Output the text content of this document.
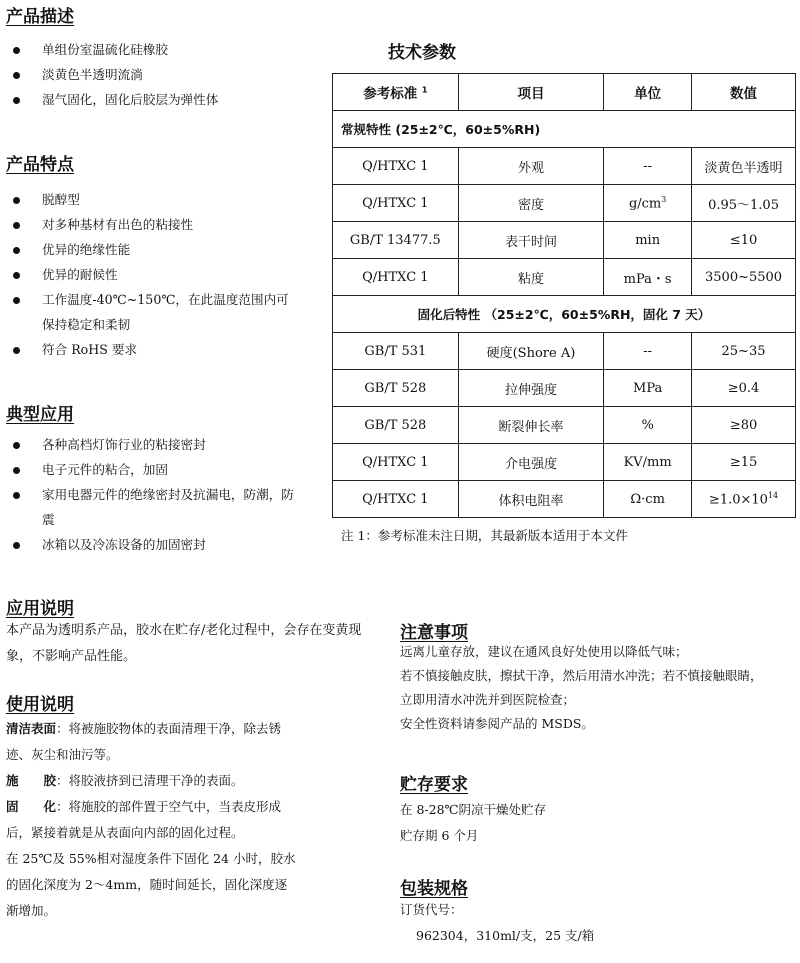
产品描述
单组份室温硫化硅橡胶
淡黄色半透明流淌
湿气固化，固化后胶层为弹性体
产品特点
脱醇型
对多种基材有出色的粘接性
优异的绝缘性能
优异的耐候性
工作温度-40℃~150℃，在此温度范围内可保持稳定和柔韧
符合 RoHS 要求
典型应用
各种高档灯饰行业的粘接密封
电子元件的粘合，加固
家用电器元件的绝缘密封及抗漏电，防潮，防震
冰箱以及冷冻设备的加固密封
技术参数
参考标准 $^1$	项目	单位	数值
常规特性 (25±2℃，60±5%RH)			
Q/HTXC 1	外观	--	淡黄色半透明
Q/HTXC 1	密度	$g/cm^3$	0.95～1.05
GB/T 13477.5	表干时间	min	≤10
Q/HTXC 1	粘度	mPa・s	3500~5500
固化后特性 （25±2℃，60±5%RH，固化 7 天）			
GB/T 531	硬度(Shore A)	--	25~35
GB/T 528	拉伸强度	MPa	≥0.4
GB/T 528	断裂伸长率	%	≥80
Q/HTXC 1	介电强度	KV/mm	≥15
Q/HTXC 1	体积电阻率	Ω·cm	$\ge 1.0\times 10^{14}$
注 1：参考标准未注日期，其最新版本适用于本文件
应用说明
本产品为透明系产品，胶水在贮存/老化过程中，会存在变黄现象，不影响产品性能。
使用说明
清洁表面：将被施胶物体的表面清理干净，除去锈迹、灰尘和油污等。
施　　胶：将胶液挤到已清理干净的表面。
固　　化：将施胶的部件置于空气中，当表皮形成后，紧接着就是从表面向内部的固化过程。
在 25℃及 55%相对湿度条件下固化 24 小时，胶水的固化深度为 2～4mm，随时间延长，固化深度逐渐增加。
注意事项
远离儿童存放，建议在通风良好处使用以降低气味；
若不慎接触皮肤，擦拭干净，然后用清水冲洗；若不慎接触眼睛，立即用清水冲洗并到医院检查；
安全性资料请参阅产品的 MSDS。
贮存要求
在 8-28℃阴凉干燥处贮存
贮存期 6 个月
包装规格
订货代号：
962304，310ml/支，25 支/箱
